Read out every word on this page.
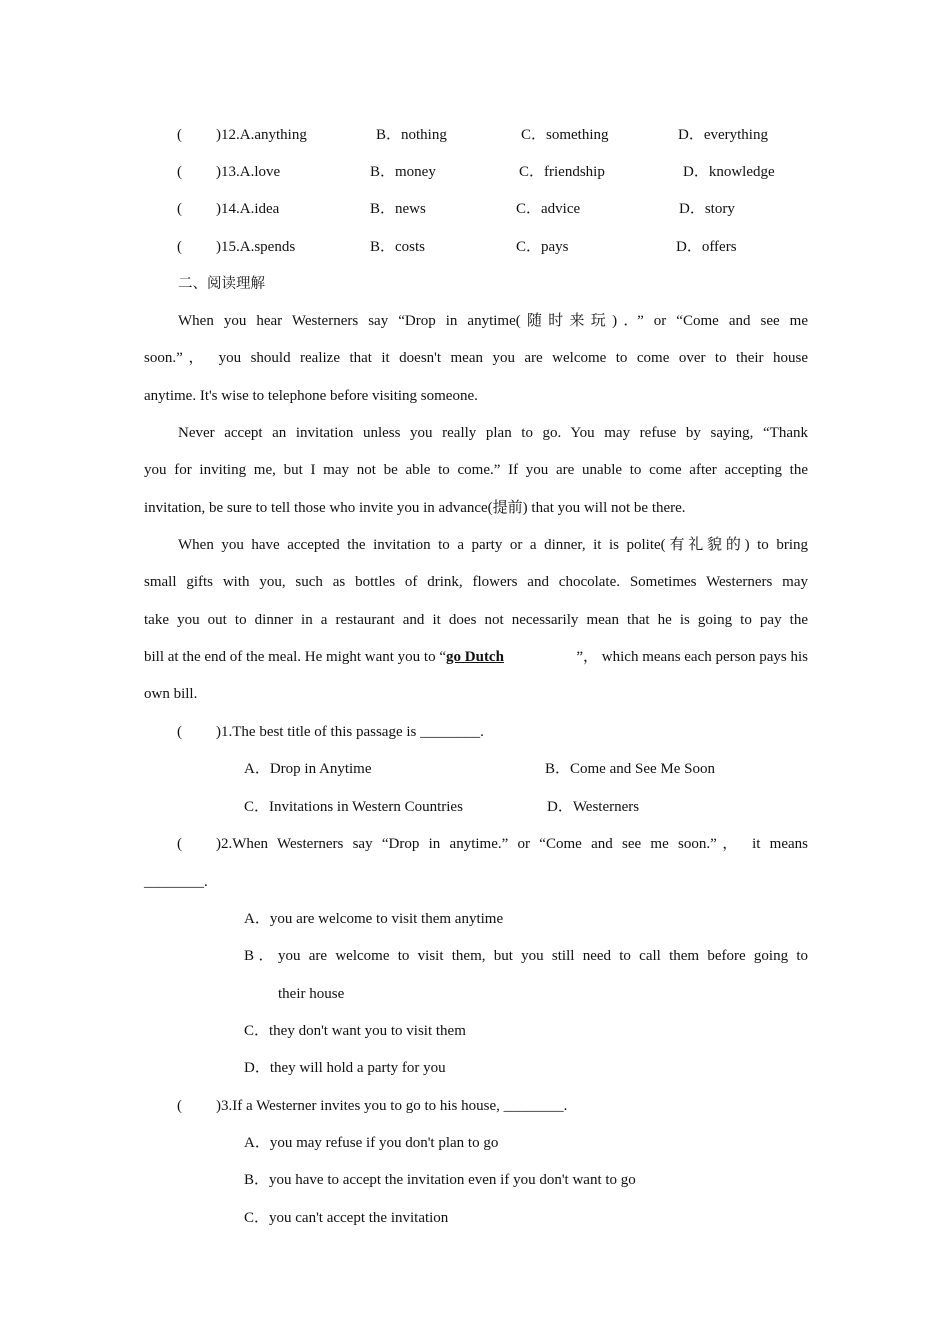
( )12.A.anything	B．nothing	C．something	D．everything
( )13.A.love	B．money	C．friendship	D．knowledge
( )14.A.idea	B．news	C．advice	D．story
( )15.A.spends	B．costs	C．pays	D．offers
二、阅读理解
When you hear Westerners say “Drop in anytime(随时来玩)．” or “Come and see me
soon.”， you should realize that it doesn't mean you are welcome to come over to their house
anytime. It's wise to telephone before visiting someone.
Never accept an invitation unless you really plan to go. You may refuse by saying, “Thank
you for inviting me, but I may not be able to come.” If you are unable to come after accepting the
invitation, be sure to tell those who invite you in advance(提前) that you will not be there.
When you have accepted the invitation to a party or a dinner, it is polite(有礼貌的) to bring
small gifts with you, such as bottles of drink, flowers and chocolate. Sometimes Westerners may
take you out to dinner in a restaurant and it does not necessarily mean that he is going to pay the
bill at the end of the meal. He might want you to “go Dutch	”， which means each person pays his
own bill.
( )1.The best title of this passage is ________.
A．Drop in Anytime	B．Come and See Me Soon
C．Invitations in Western Countries	D．Westerners
( )2.When Westerners say “Drop in anytime.” or “Come and see me soon.”， it means
________.
A．you are welcome to visit them anytime
B．you are welcome to visit them, but you still need to call them before going to
their house
C．they don't want you to visit them
D．they will hold a party for you
( )3.If a Westerner invites you to go to his house, ________.
A．you may refuse if you don't plan to go
B．you have to accept the invitation even if you don't want to go
C．you can't accept the invitation
